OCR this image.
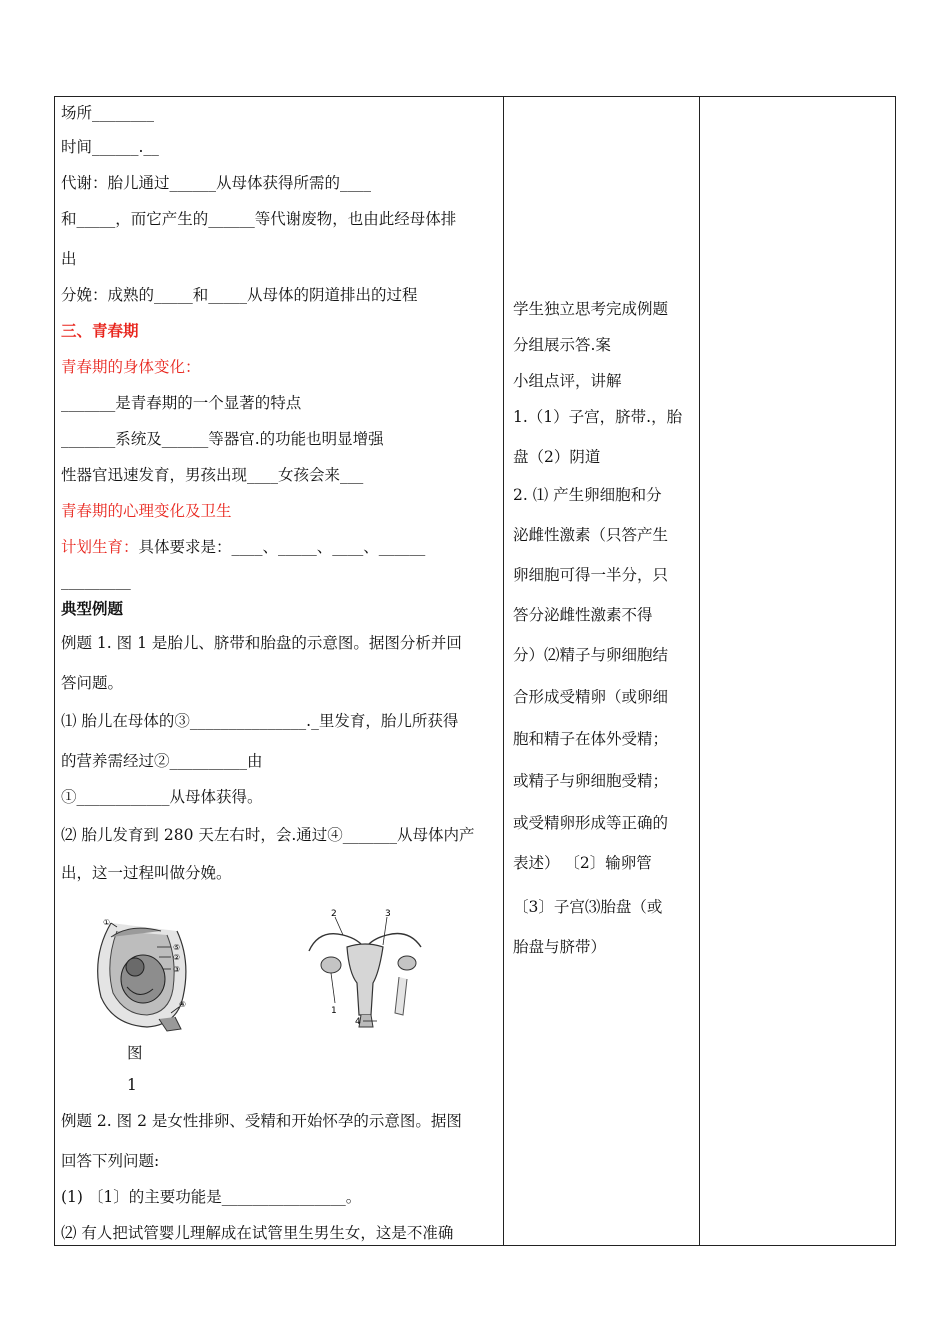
场所________
时间______.__
代谢：胎儿通过______从母体获得所需的____
和_____，而它产生的______等代谢废物，也由此经母体排
出
分娩：成熟的_____和_____从母体的阴道排出的过程
三、青春期
青春期的身体变化：
_______是青春期的一个显著的特点
_______系统及______等器官.的功能也明显增强
性器官迅速发育，男孩出现____女孩会来___
青春期的心理变化及卫生
计划生育：具体要求是：____、_____、____、______
_________
典型例题
例题 1. 图 1 是胎儿、脐带和胎盘的示意图。据图分析并回
答问题。
⑴ 胎儿在母体的③_______________._里发育，胎儿所获得
的营养需经过②__________由
①____________从母体获得。
⑵ 胎儿发育到 280 天左右时，会.通过④_______从母体内产
出，这一过程叫做分娩。
①
⑤
②
③
④
2	3
1
4
图
1
例题 2. 图 2 是女性排卵、受精和开始怀孕的示意图。据图
回答下列问题:
(1) 〔1〕的主要功能是________________。
⑵ 有人把试管婴儿理解成在试管里生男生女，这是不准确
学生独立思考完成例题
分组展示答.案
小组点评，讲解
1.（1）子宫，脐带.，胎
盘（2）阴道
2. ⑴ 产生卵细胞和分
泌雌性激素（只答产生
卵细胞可得一半分，只
答分泌雌性激素不得
分）⑵精子与卵细胞结
合形成受精卵（或卵细
胞和精子在体外受精；
或精子与卵细胞受精；
或受精卵形成等正确的
表述） 〔2〕输卵管
〔3〕子宫⑶胎盘（或
胎盘与脐带）
